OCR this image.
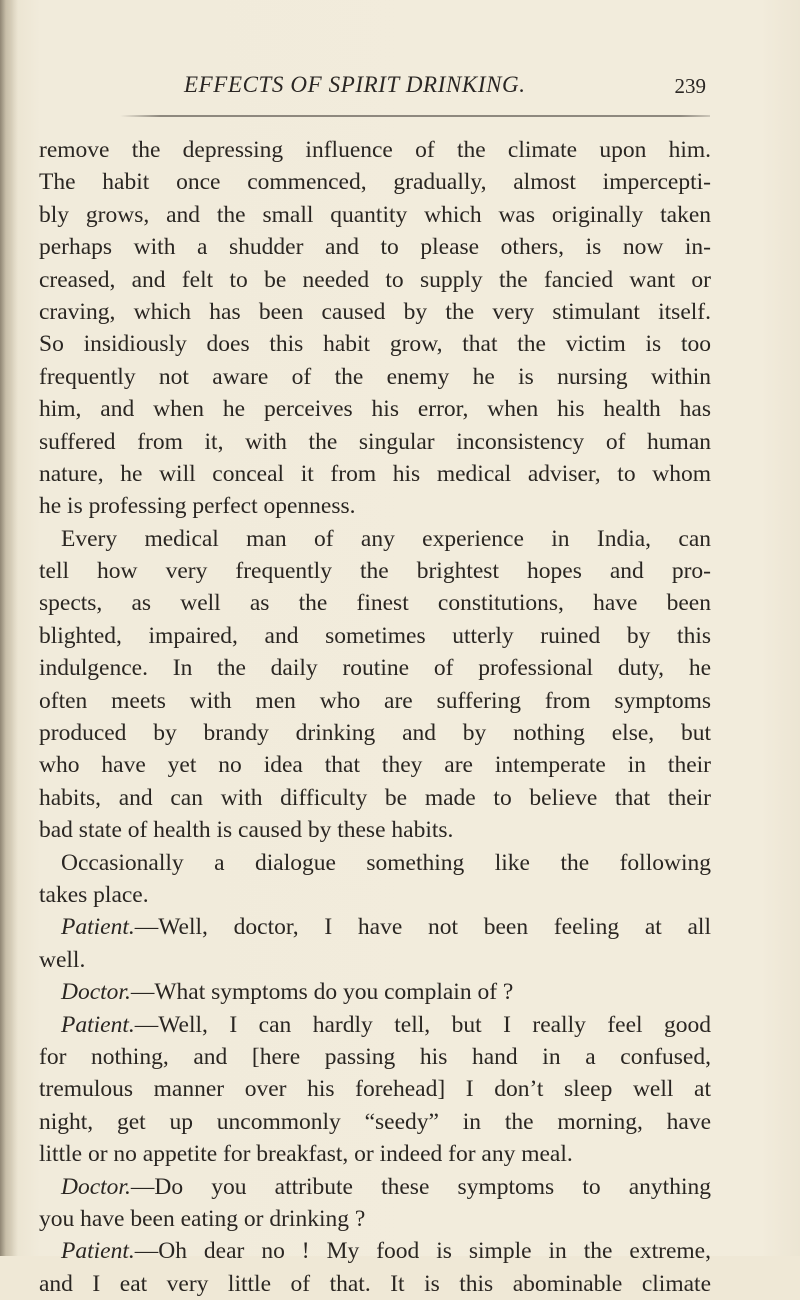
EFFECTS OF SPIRIT DRINKING.	239
remove the depressing influence of the climate upon him.
The habit once commenced, gradually, almost impercepti-
bly grows, and the small quantity which was originally taken
perhaps with a shudder and to please others, is now in-
creased, and felt to be needed to supply the fancied want or
craving, which has been caused by the very stimulant itself.
So insidiously does this habit grow, that the victim is too
frequently not aware of the enemy he is nursing within
him, and when he perceives his error, when his health has
suffered from it, with the singular inconsistency of human
nature, he will conceal it from his medical adviser, to whom
he is professing perfect openness.
Every medical man of any experience in India, can
tell how very frequently the brightest hopes and pro-
spects, as well as the finest constitutions, have been
blighted, impaired, and sometimes utterly ruined by this
indulgence. In the daily routine of professional duty, he
often meets with men who are suffering from symptoms
produced by brandy drinking and by nothing else, but
who have yet no idea that they are intemperate in their
habits, and can with difficulty be made to believe that their
bad state of health is caused by these habits.
Occasionally a dialogue something like the following
takes place.
Patient.—Well, doctor, I have not been feeling at all
well.
Doctor.—What symptoms do you complain of ?
Patient.—Well, I can hardly tell, but I really feel good
for nothing, and [here passing his hand in a confused,
tremulous manner over his forehead] I don’t sleep well at
night, get up uncommonly “seedy” in the morning, have
little or no appetite for breakfast, or indeed for any meal.
Doctor.—Do you attribute these symptoms to anything
you have been eating or drinking ?
Patient.—Oh dear no ! My food is simple in the extreme,
and I eat very little of that. It is this abominable climate
